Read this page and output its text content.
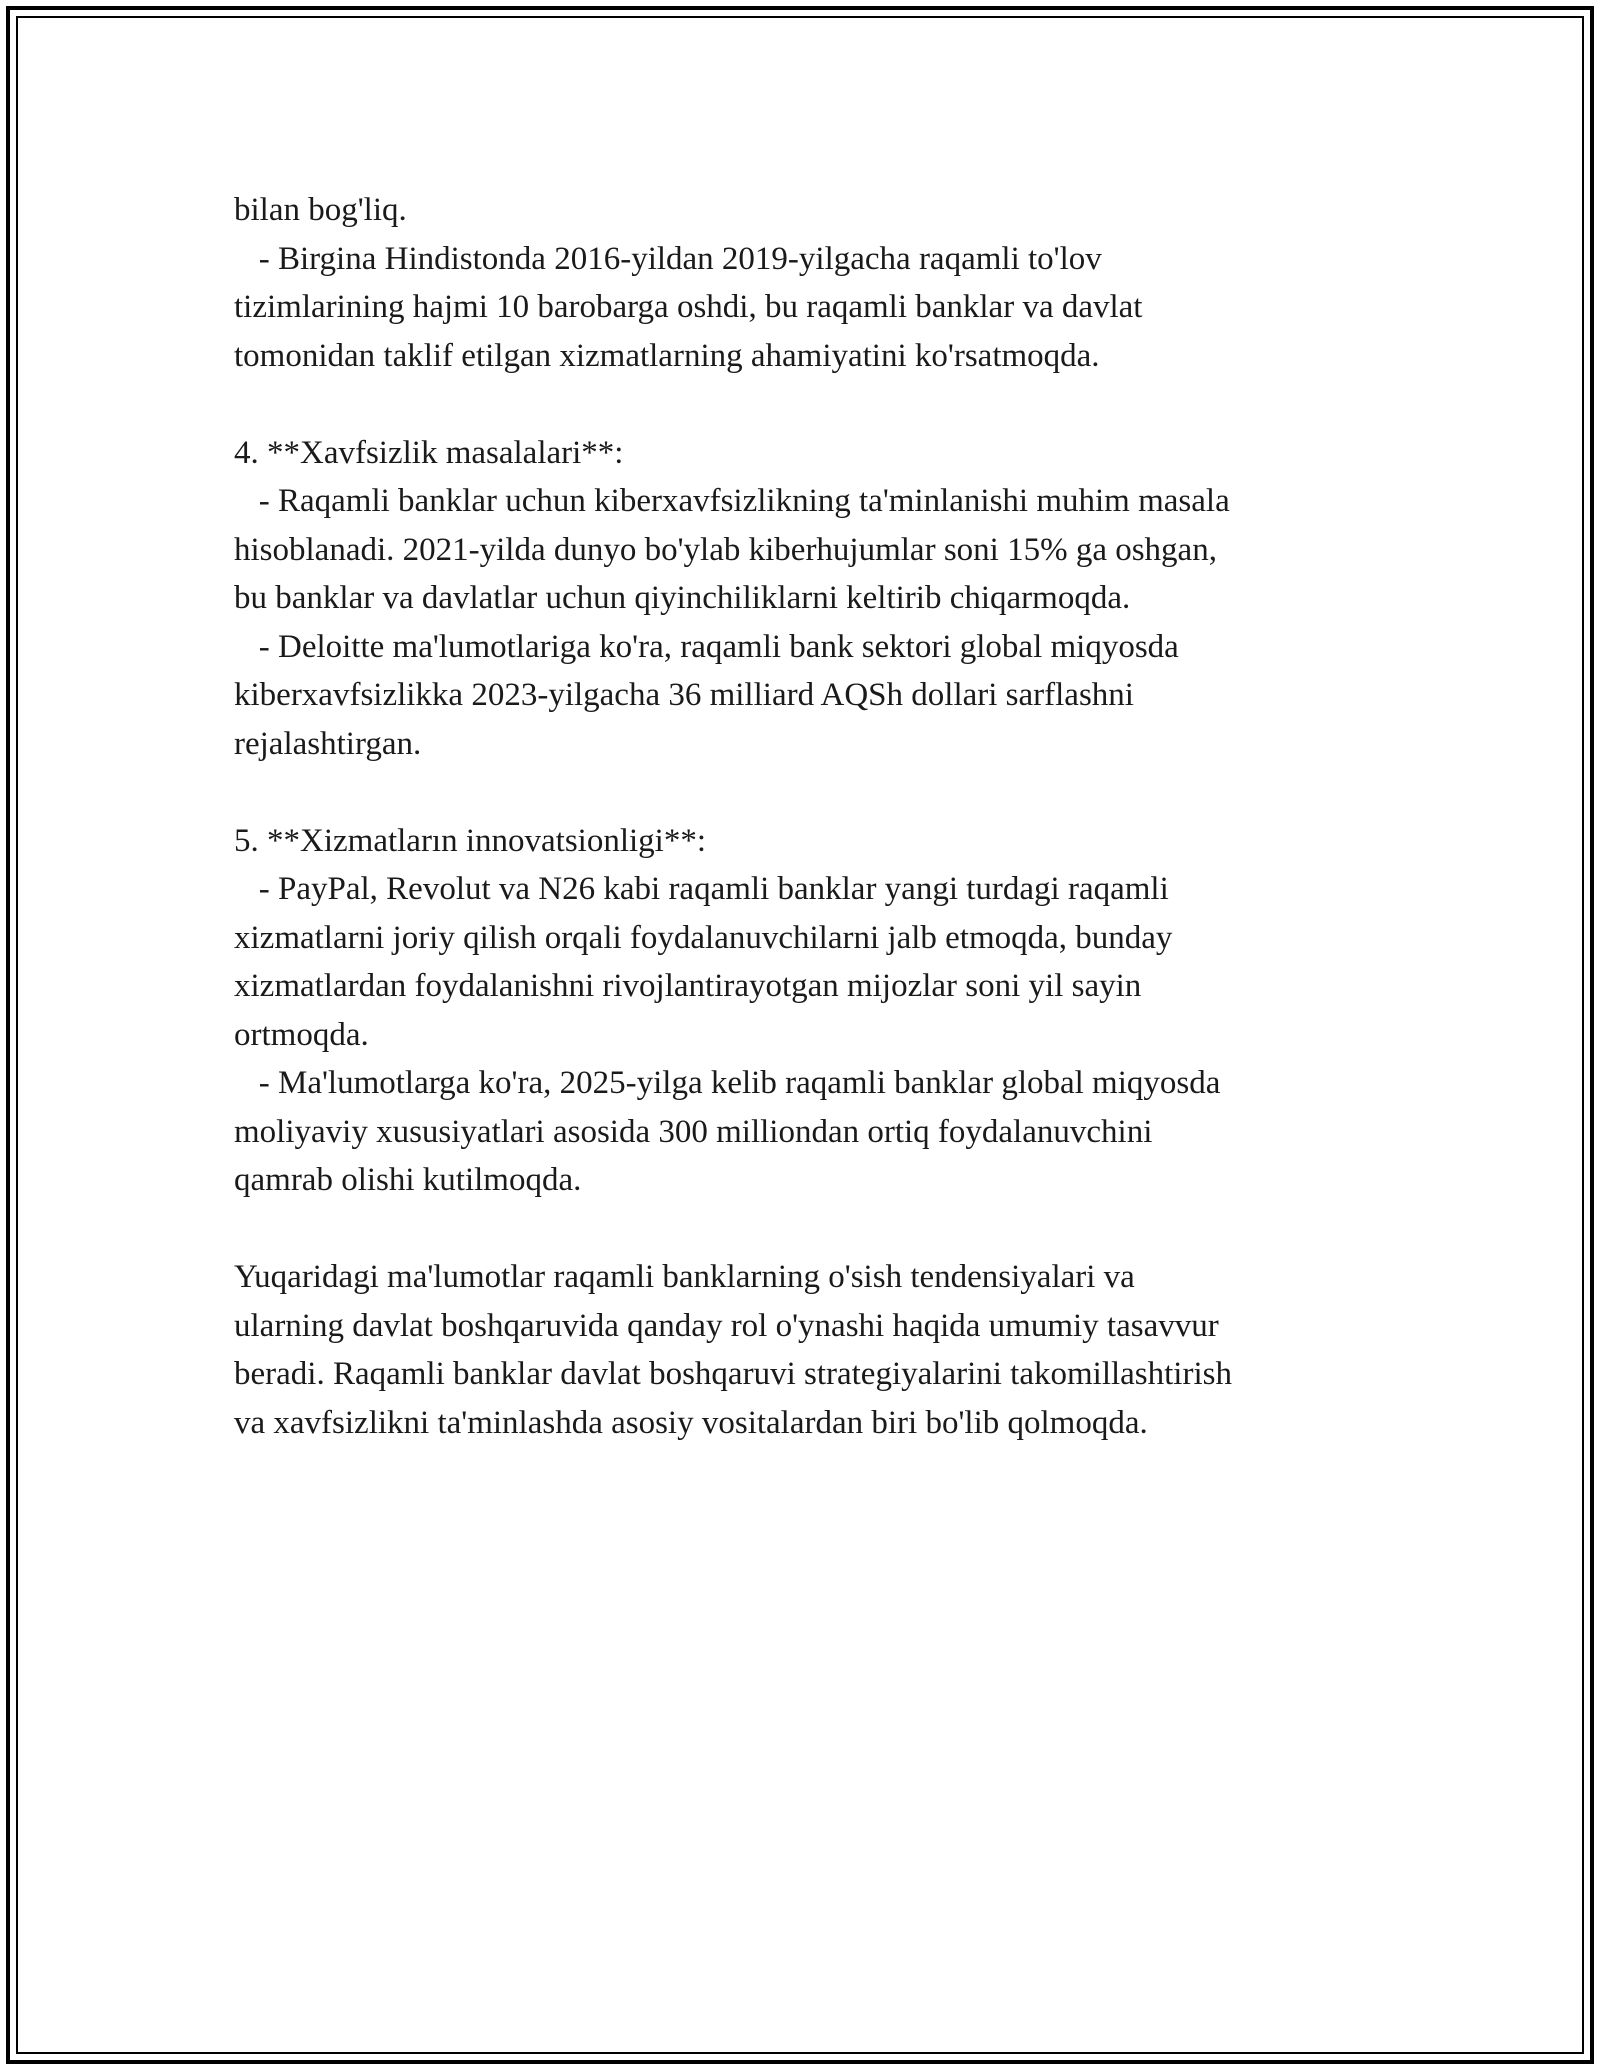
bilan bog'liq.
- Birgina Hindistonda 2016-yildan 2019-yilgacha raqamli to'lov
tizimlarining hajmi 10 barobarga oshdi, bu raqamli banklar va davlat
tomonidan taklif etilgan xizmatlarning ahamiyatini ko'rsatmoqda.
4. **Xavfsizlik masalalari**:
- Raqamli banklar uchun kiberxavfsizlikning ta'minlanishi muhim masala
hisoblanadi. 2021-yilda dunyo bo'ylab kiberhujumlar soni 15% ga oshgan,
bu banklar va davlatlar uchun qiyinchiliklarni keltirib chiqarmoqda.
- Deloitte ma'lumotlariga ko'ra, raqamli bank sektori global miqyosda
kiberxavfsizlikka 2023-yilgacha 36 milliard AQSh dollari sarflashni
rejalashtirgan.
5. **Xizmatların innovatsionligi**:
- PayPal, Revolut va N26 kabi raqamli banklar yangi turdagi raqamli
xizmatlarni joriy qilish orqali foydalanuvchilarni jalb etmoqda, bunday
xizmatlardan foydalanishni rivojlantirayotgan mijozlar soni yil sayin
ortmoqda.
- Ma'lumotlarga ko'ra, 2025-yilga kelib raqamli banklar global miqyosda
moliyaviy xususiyatlari asosida 300 milliondan ortiq foydalanuvchini
qamrab olishi kutilmoqda.
Yuqaridagi ma'lumotlar raqamli banklarning o'sish tendensiyalari va
ularning davlat boshqaruvida qanday rol o'ynashi haqida umumiy tasavvur
beradi. Raqamli banklar davlat boshqaruvi strategiyalarini takomillashtirish
va xavfsizlikni ta'minlashda asosiy vositalardan biri bo'lib qolmoqda.
